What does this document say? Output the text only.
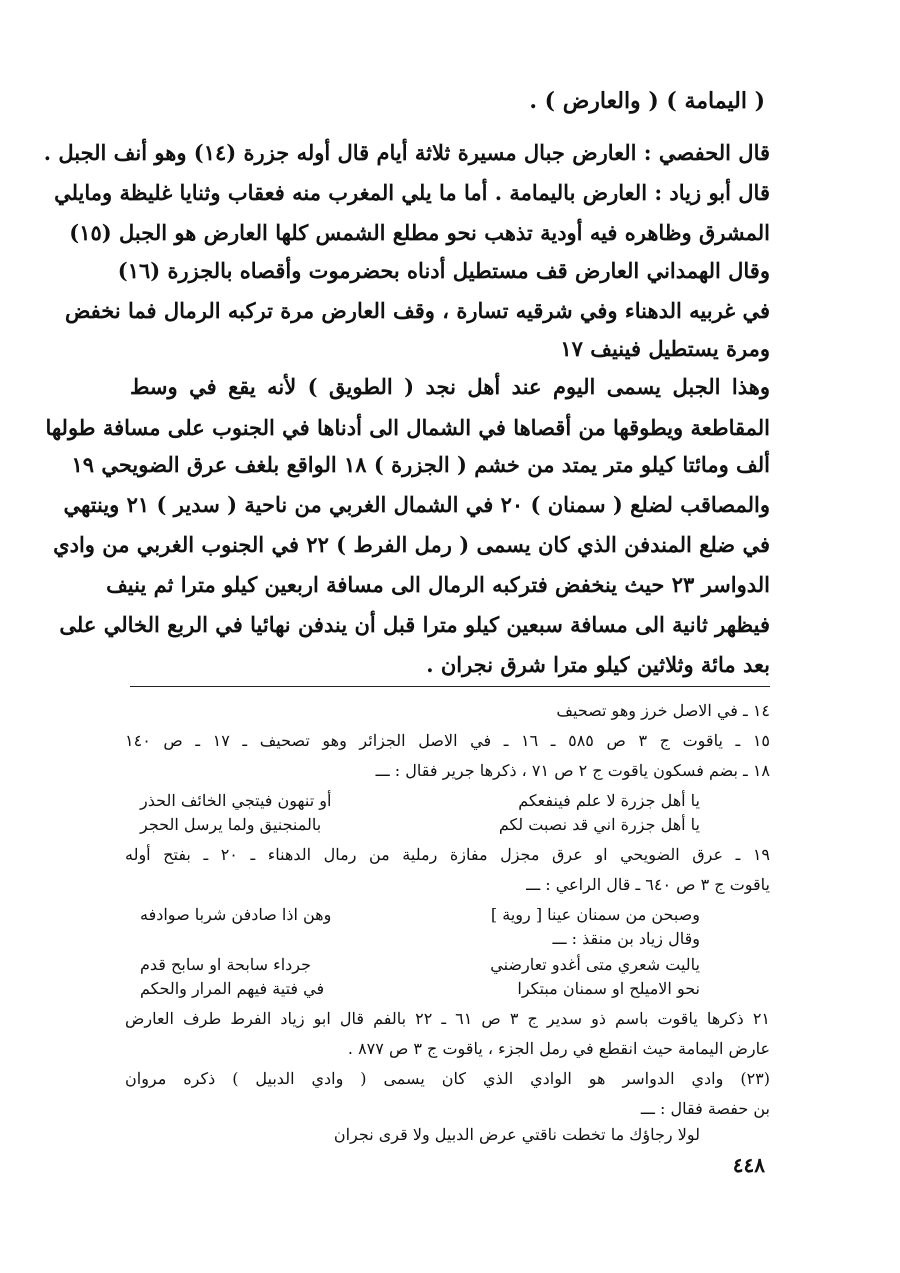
( اليمامة ) ( والعارض ) .
قال الحفصي : العارض جبال مسيرة ثلاثة أيام قال أوله جزرة (١٤) وهو أنف الجبل .
قال أبو زياد : العارض باليمامة . أما ما يلي المغرب منه فعقاب وثنايا غليظة ومايلي
المشرق وظاهره فيه أودية تذهب نحو مطلع الشمس كلها العارض هو الجبل (١٥)
وقال الهمداني العارض قف مستطيل أدناه بحضرموت وأقصاه بالجزرة (١٦)
في غربيه الدهناء وفي شرقيه تسارة ، وقف العارض مرة تركبه الرمال فما نخفض
ومرة يستطيل فينيف ١٧
وهذا الجبل يسمى اليوم عند أهل نجد ( الطويق ) لأنه يقع في وسط
المقاطعة ويطوقها من أقصاها في الشمال الى أدناها في الجنوب على مسافة طولها
ألف ومائتا كيلو متر يمتد من خشم ( الجزرة ) ١٨ الواقع بلغف عرق الضويحي ١٩
والمصاقب لضلع ( سمنان ) ٢٠ في الشمال الغربي من ناحية ( سدير ) ٢١ وينتهي
في ضلع المندفن الذي كان يسمى ( رمل الفرط ) ٢٢ في الجنوب الغربي من وادي
الدواسر ٢٣ حيث ينخفض فتركبه الرمال الى مسافة اربعين كيلو مترا ثم ينيف
فيظهر ثانية الى مسافة سبعين كيلو مترا قبل أن يندفن نهائيا في الربع الخالي على
بعد مائة وثلاثين كيلو مترا شرق نجران .
١٤ ـ في الاصل خرز وهو تصحيف
١٥ ـ ياقوت ج ٣ ص ٥٨٥ ـ ١٦ ـ في الاصل الجزائر وهو تصحيف ـ ١٧ ـ ص ١٤٠
١٨ ـ بضم فسكون ياقوت ج ٢ ص ٧١ ، ذكرها جرير فقال : ـــ
يا أهل جزرة لا علم فينفعكم
أو تنهون فيتجي الخائف الحذر
يا أهل جزرة اني قد نصبت لكم
بالمنجنيق ولما يرسل الحجر
١٩ ـ عرق الضويحي او عرق مجزل مفازة رملية من رمال الدهناء ـ ٢٠ ـ بفتح أوله
ياقوت ج ٣ ص ٦٤٠ ـ قال الراعي : ـــ
وصبحن من سمنان عينا [ روية ]
وهن اذا صادفن شربا صوادفه
وقال زياد بن منقذ : ـــ
ياليت شعري متى أغدو تعارضني
جرداء سابحة او سابح قدم
نحو الاميلح او سمنان مبتكرا
في فتية فيهم المرار والحكم
٢١ ذكرها ياقوت باسم ذو سدير ج ٣ ص ٦١ ـ ٢٢ بالفم قال ابو زياد الفرط طرف العارض
عارض اليمامة حيث انقطع في رمل الجزء ، ياقوت ج ٣ ص ٨٧٧ .
(٢٣) وادي الدواسر هو الوادي الذي كان يسمى ( وادي الدبيل ) ذكره مروان
بن حفصة فقال : ـــ
لولا رجاؤك ما تخطت ناقتي عرض الدبيل ولا قرى نجران
٤٤٨
